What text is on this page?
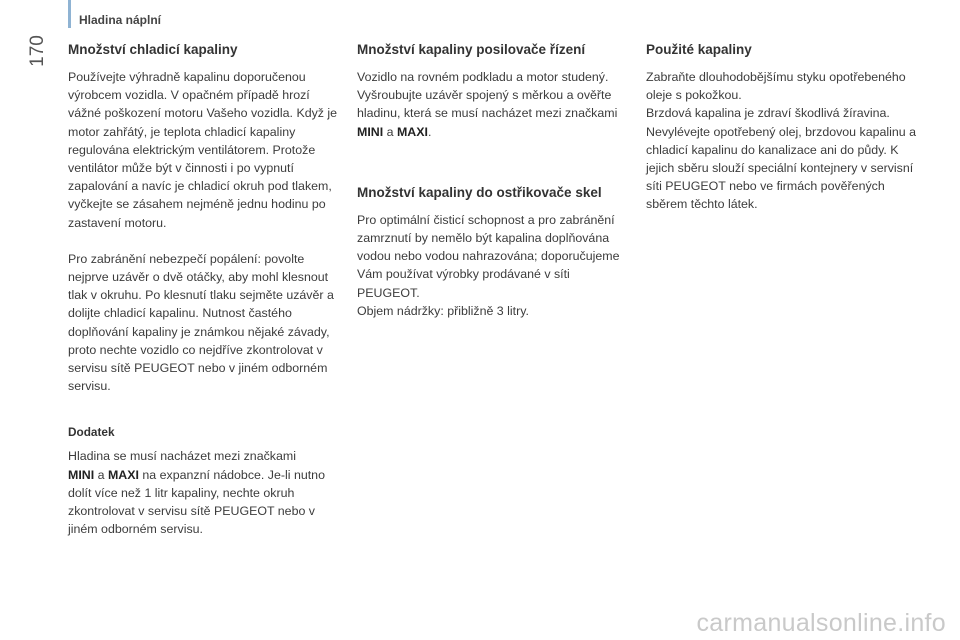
Hladina náplní
170 Množství chladicí kapaliny

Používejte výhradně kapalinu doporučenou výrobcem vozidla. V opačném případě hrozí vážné poškození motoru Vašeho vozidla. Když je motor zahřátý, je teplota chladicí kapaliny regulována elektrickým ventilátorem. Protože ventilátor může být v činnosti i po vypnutí zapalování a navíc je chladicí okruh pod tlakem, vyčkejte se zásahem nejméně jednu hodinu po zastavení motoru.

Pro zabránění nebezpečí popálení: povolte nejprve uzávěr o dvě otáčky, aby mohl klesnout tlak v okruhu. Po klesnutí tlaku sejměte uzávěr a dolijte chladicí kapalinu. Nutnost častého doplňování kapaliny je známkou nějaké závady, proto nechte vozidlo co nejdříve zkontrolovat v servisu sítě PEUGEOT nebo v jiném odborném servisu.

Dodatek

Hladina se musí nacházet mezi značkami
MINI a MAXI na expanzní nádobce. Je-li nutno dolít více než 1 litr kapaliny, nechte okruh zkontrolovat v servisu sítě PEUGEOT nebo v jiném odborném servisu.

Množství kapaliny posilovače řízení

Vozidlo na rovném podkladu a motor studený. Vyšroubujte uzávěr spojený s měrkou a ověřte hladinu, která se musí nacházet mezi značkami MINI a MAXI.

Množství kapaliny do ostřikovače skel

Pro optimální čisticí schopnost a pro zabránění zamrznutí by nemělo být kapalina doplňována vodou nebo vodou nahrazována; doporučujeme Vám používat výrobky prodávané v síti PEUGEOT.

Objem nádržky: přibližně 3 litry.

Použité kapaliny

Zabraňte dlouhodobějšímu styku opotřebeného oleje s pokožkou.

Brzdová kapalina je zdraví škodlivá žíravina.

Nevylévejte opotřebený olej, brzdovou kapalinu a chladicí kapalinu do kanalizace ani do půdy. K jejich sběru slouží speciální kontejnery v servisní síti PEUGEOT nebo ve firmách pověřených sběrem těchto látek.

carmanualsonline.info
